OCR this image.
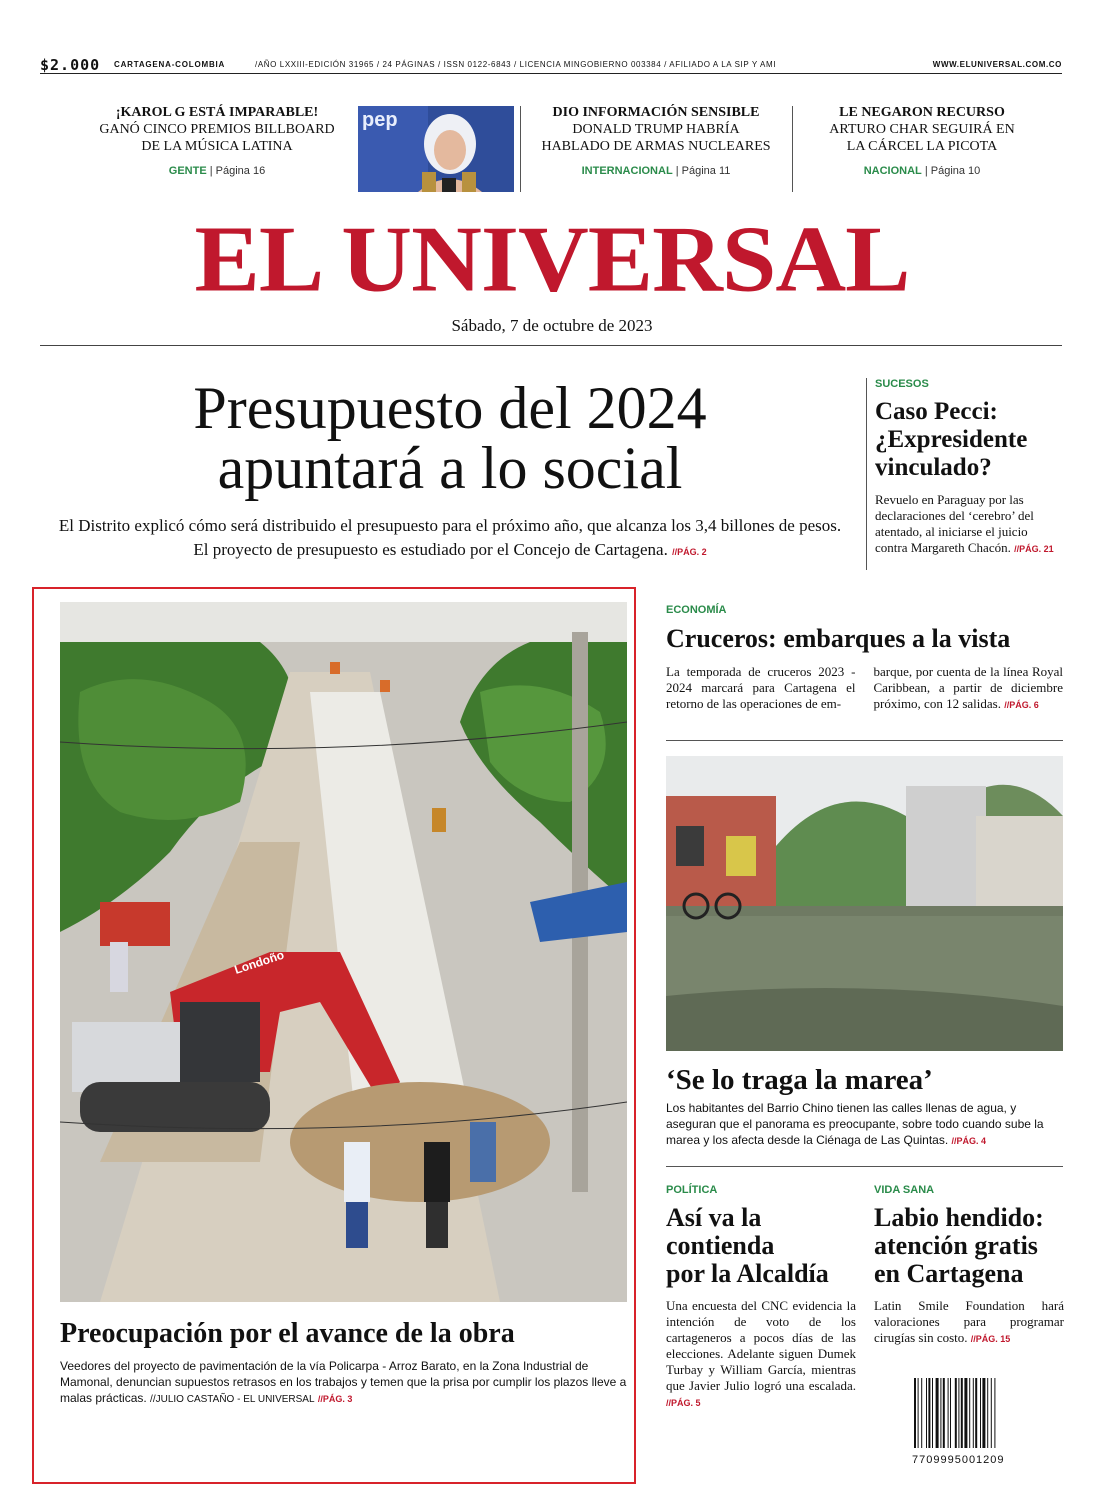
$2.000 CARTAGENA-COLOMBIA	/AÑO LXXIII-EDICIÓN 31965 / 24 PÁGINAS / ISSN 0122-6843 / LICENCIA MINGOBIERNO 003384 / AFILIADO A LA SIP Y AMI	WWW.ELUNIVERSAL.COM.CO
¡KAROL G ESTÁ IMPARABLE!
GANÓ CINCO PREMIOS BILLBOARD
DE LA MÚSICA LATINA
GENTE | Página 16
pep	DIO INFORMACIÓN SENSIBLE
DONALD TRUMP HABRÍA
HABLADO DE ARMAS NUCLEARES
INTERNACIONAL | Página 11
LE NEGARON RECURSO
ARTURO CHAR SEGUIRÁ EN
LA CÁRCEL LA PICOTA
NACIONAL | Página 10
EL UNIVERSAL
Sábado, 7 de octubre de 2023
Presupuesto del 2024
apuntará a lo social
El Distrito explicó cómo será distribuido el presupuesto para el próximo año, que alcanza los 3,4 billones de pesos. El proyecto de presupuesto es estudiado por el Concejo de Cartagena. //PÁG. 2
SUCESOS
Caso Pecci: ¿Expresidente vinculado?
Revuelo en Paraguay por las declaraciones del ‘cerebro’ del atentado, al iniciarse el juicio contra Margareth Chacón. //PÁG. 21
Londoño
Preocupación por el avance de la obra
Veedores del proyecto de pavimentación de la vía Policarpa - Arroz Barato, en la Zona Industrial de Mamonal, denuncian supuestos retrasos en los trabajos y temen que la prisa por cumplir los plazos lleve a malas prácticas. //JULIO CASTAÑO - EL UNIVERSAL //PÁG. 3
ECONOMÍA
Cruceros: embarques a la vista
La temporada de cruceros 2023 - 2024 marcará para Cartagena el retorno de las operaciones de em-
barque, por cuenta de la línea Royal Caribbean, a partir de diciembre próximo, con 12 salidas. //PÁG. 6
‘Se lo traga la marea’
Los habitantes del Barrio Chino tienen las calles llenas de agua, y aseguran que el panorama es preocupante, sobre todo cuando sube la marea y los afecta desde la Ciénaga de Las Quintas. //PÁG. 4
POLÍTICA
Así va la
contienda
por la Alcaldía
Una encuesta del CNC evidencia la intención de voto de los cartageneros a pocos días de las elecciones. Adelante siguen Dumek Turbay y William García, mientras que Javier Julio logró una escalada. //PÁG. 5
VIDA SANA
Labio hendido:
atención gratis
en Cartagena
Latin Smile Foundation hará valoraciones para programar cirugías sin costo. //PÁG. 15
7709995001209
